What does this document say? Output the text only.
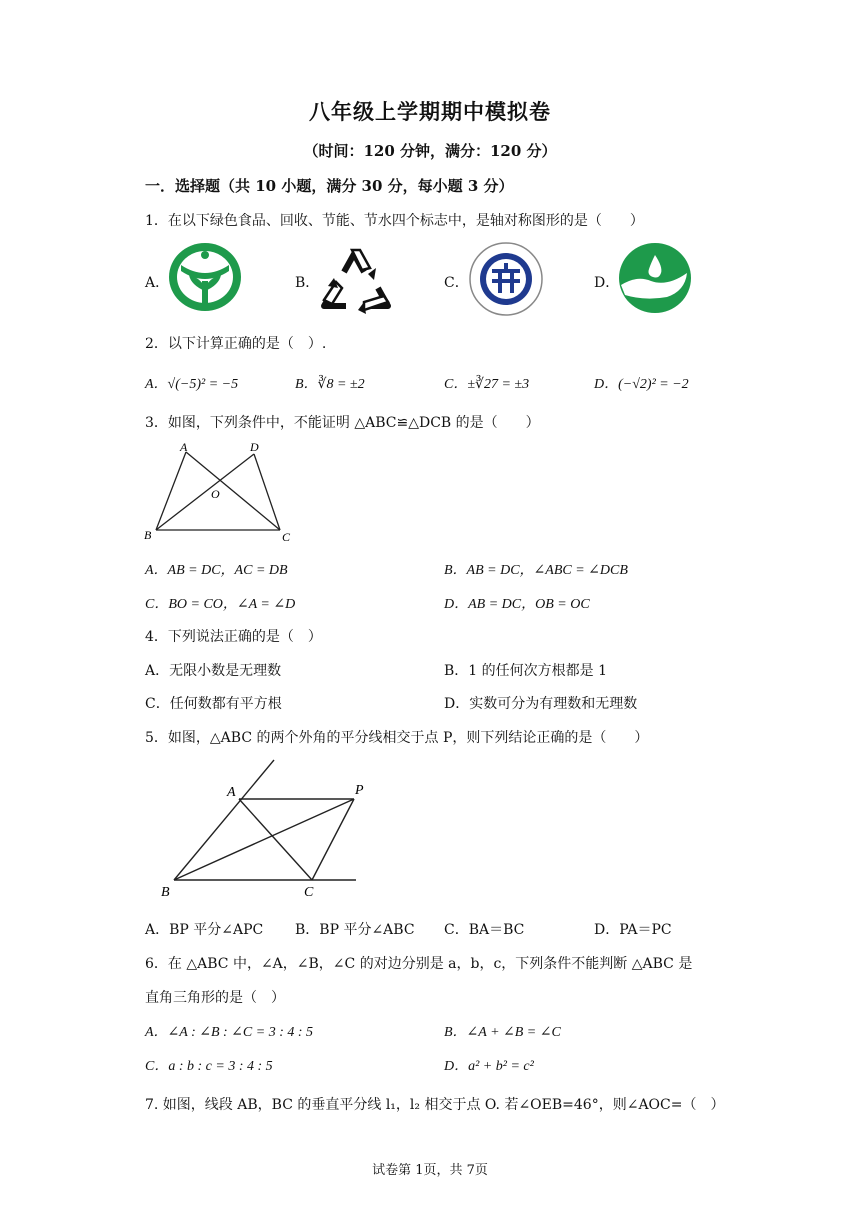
八年级上学期期中模拟卷
（时间：120 分钟，满分：120 分）
一．选择题（共 10 小题，满分 30 分，每小题 3 分）
1．在以下绿色食品、回收、节能、节水四个标志中，是轴对称图形的是（　　）
A．	B．	C．	D．
2．以下计算正确的是（　）.
A．√(−5)² = −5	B．∛8 = ±2	C．±∛27 = ±3	D．(−√2)² = −2
3．如图，下列条件中，不能证明 △ABC≌△DCB 的是（　　）
A	D
O
B	C
A．AB = DC，AC = DB	B．AB = DC，∠ABC = ∠DCB
C．BO = CO，∠A = ∠D	D．AB = DC，OB = OC
4．下列说法正确的是（　）
A．无限小数是无理数	B．1 的任何次方根都是 1
C．任何数都有平方根	D．实数可分为有理数和无理数
5．如图，△ABC 的两个外角的平分线相交于点 P，则下列结论正确的是（　　）
A	P
B	C
A．BP 平分∠APC B．BP 平分∠ABC C．BA＝BC	D．PA＝PC
6．在 △ABC 中，∠A，∠B，∠C 的对边分别是 a，b，c，下列条件不能判断 △ABC 是
直角三角形的是（　）
A．∠A : ∠B : ∠C = 3 : 4 : 5	B．∠A + ∠B = ∠C
C．a : b : c = 3 : 4 : 5	D．a² + b² = c²
7. 如图，线段 AB，BC 的垂直平分线 l₁，l₂ 相交于点 O. 若∠OEB=46°，则∠AOC=（　）
试卷第 1页，共 7页
